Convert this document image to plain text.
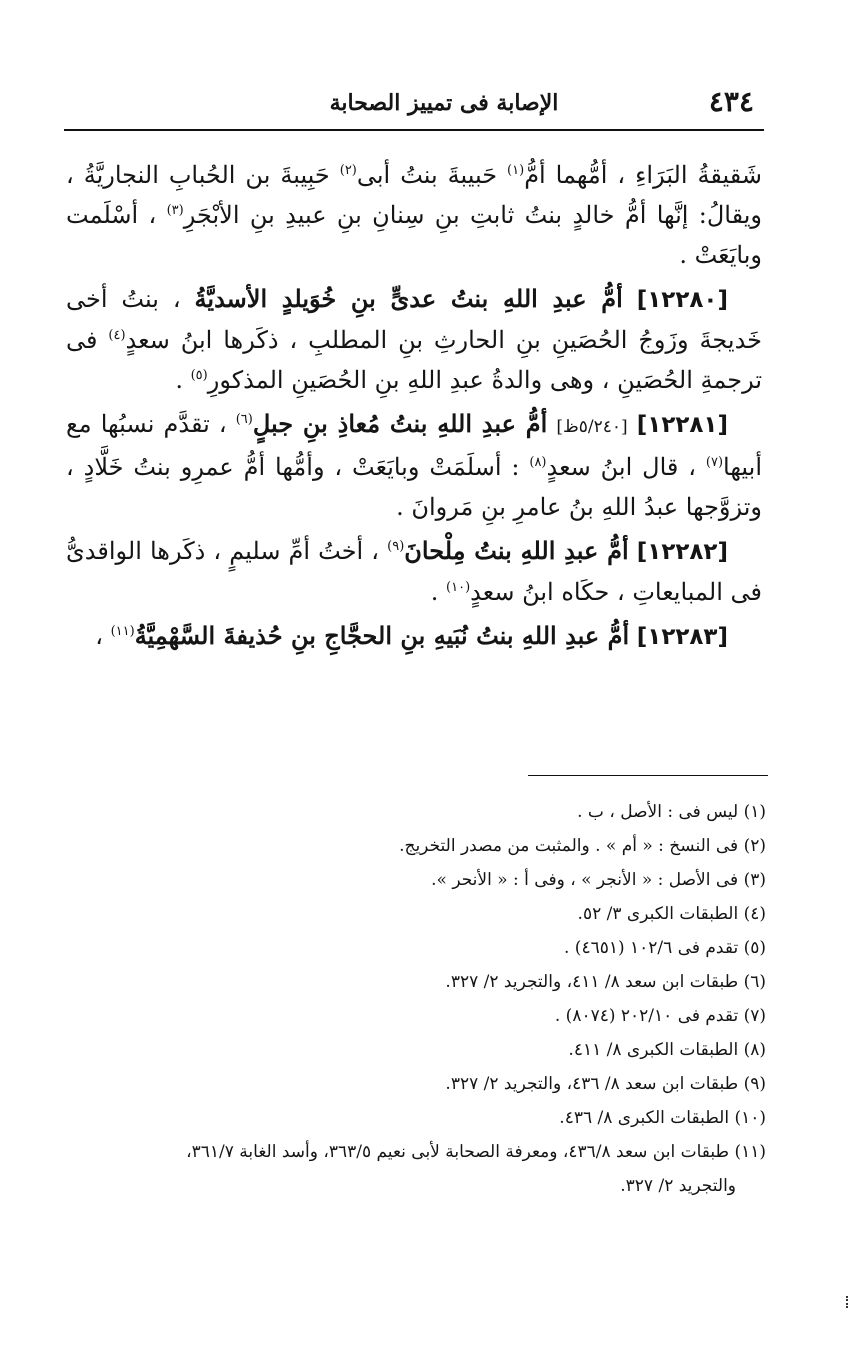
٤٣٤
الإصابة فى تمييز الصحابة

شَقيقةُ البَرَاءِ ، أمُّهما أمُّ$^{(١)}$ حَبيبةَ بنتُ أبى$^{(٢)}$ حَبِيبةَ بن الحُبابِ النجاريَّةُ ، ويقالُ: إنَّها أمُّ خالدٍ بنتُ ثابتِ بنِ سِنانِ بنِ عبيدِ بنِ الأبْجَرِ$^{(٣)}$ ، أسْلَمت وبايَعَتْ .

[١٢٢٨٠] أمُّ عبدِ اللهِ بنتُ عدىٍّ بنِ خُوَيلدٍ الأسديَّةُ ، بنتُ أخى خَديجةَ وزَوجُ الحُصَينِ بنِ الحارثِ بنِ المطلبِ ، ذكَرها ابنُ سعدٍ$^{(٤)}$ فى ترجمةِ الحُصَينِ ، وهى والدةُ عبدِ اللهِ بنِ الحُصَينِ المذكورِ$^{(٥)}$ .

[١٢٢٨١] [٥/٢٤٠ظ] أمُّ عبدِ اللهِ بنتُ مُعاذِ بنِ جبلٍ$^{(٦)}$ ، تقدَّم نسبُها مع أبيها$^{(٧)}$ ، قال ابنُ سعدٍ$^{(٨)}$ : أسلَمَتْ وبايَعَتْ ، وأمُّها أمُّ عمرِو بنتُ خَلَّادٍ ، وتزوَّجها عبدُ اللهِ بنُ عامرِ بنِ مَروانَ .

[١٢٢٨٢] أمُّ عبدِ اللهِ بنتُ مِلْحانَ$^{(٩)}$ ، أختُ أمِّ سليمٍ ، ذكَرها الواقدىُّ فى المبايعاتِ ، حكَاه ابنُ سعدٍ$^{(١٠)}$ .

[١٢٢٨٣] أمُّ عبدِ اللهِ بنتُ نُبَيهِ بنِ الحجَّاجِ بنِ حُذيفةَ السَّهْمِيَّةُ$^{(١١)}$ ،

(١) ليس فى : الأصل ، ب .
(٢) فى النسخ : « أم » . والمثبت من مصدر التخريج.
(٣) فى الأصل : « الأنجر » ، وفى أ : « الأنحر ».
(٤) الطبقات الكبرى ٣/ ٥٢.
(٥) تقدم فى ١٠٢/٦ (٤٦٥١) .
(٦) طبقات ابن سعد ٨/ ٤١١، والتجريد ٢/ ٣٢٧.
(٧) تقدم فى ٢٠٢/١٠ (٨٠٧٤) .
(٨) الطبقات الكبرى ٨/ ٤١١.
(٩) طبقات ابن سعد ٨/ ٤٣٦، والتجريد ٢/ ٣٢٧.
(١٠) الطبقات الكبرى ٨/ ٤٣٦.
(١١) طبقات ابن سعد ٤٣٦/٨، ومعرفة الصحابة لأبى نعيم ٣٦٣/٥، وأسد الغابة ٣٦١/٧،
والتجريد ٢/ ٣٢٧.
